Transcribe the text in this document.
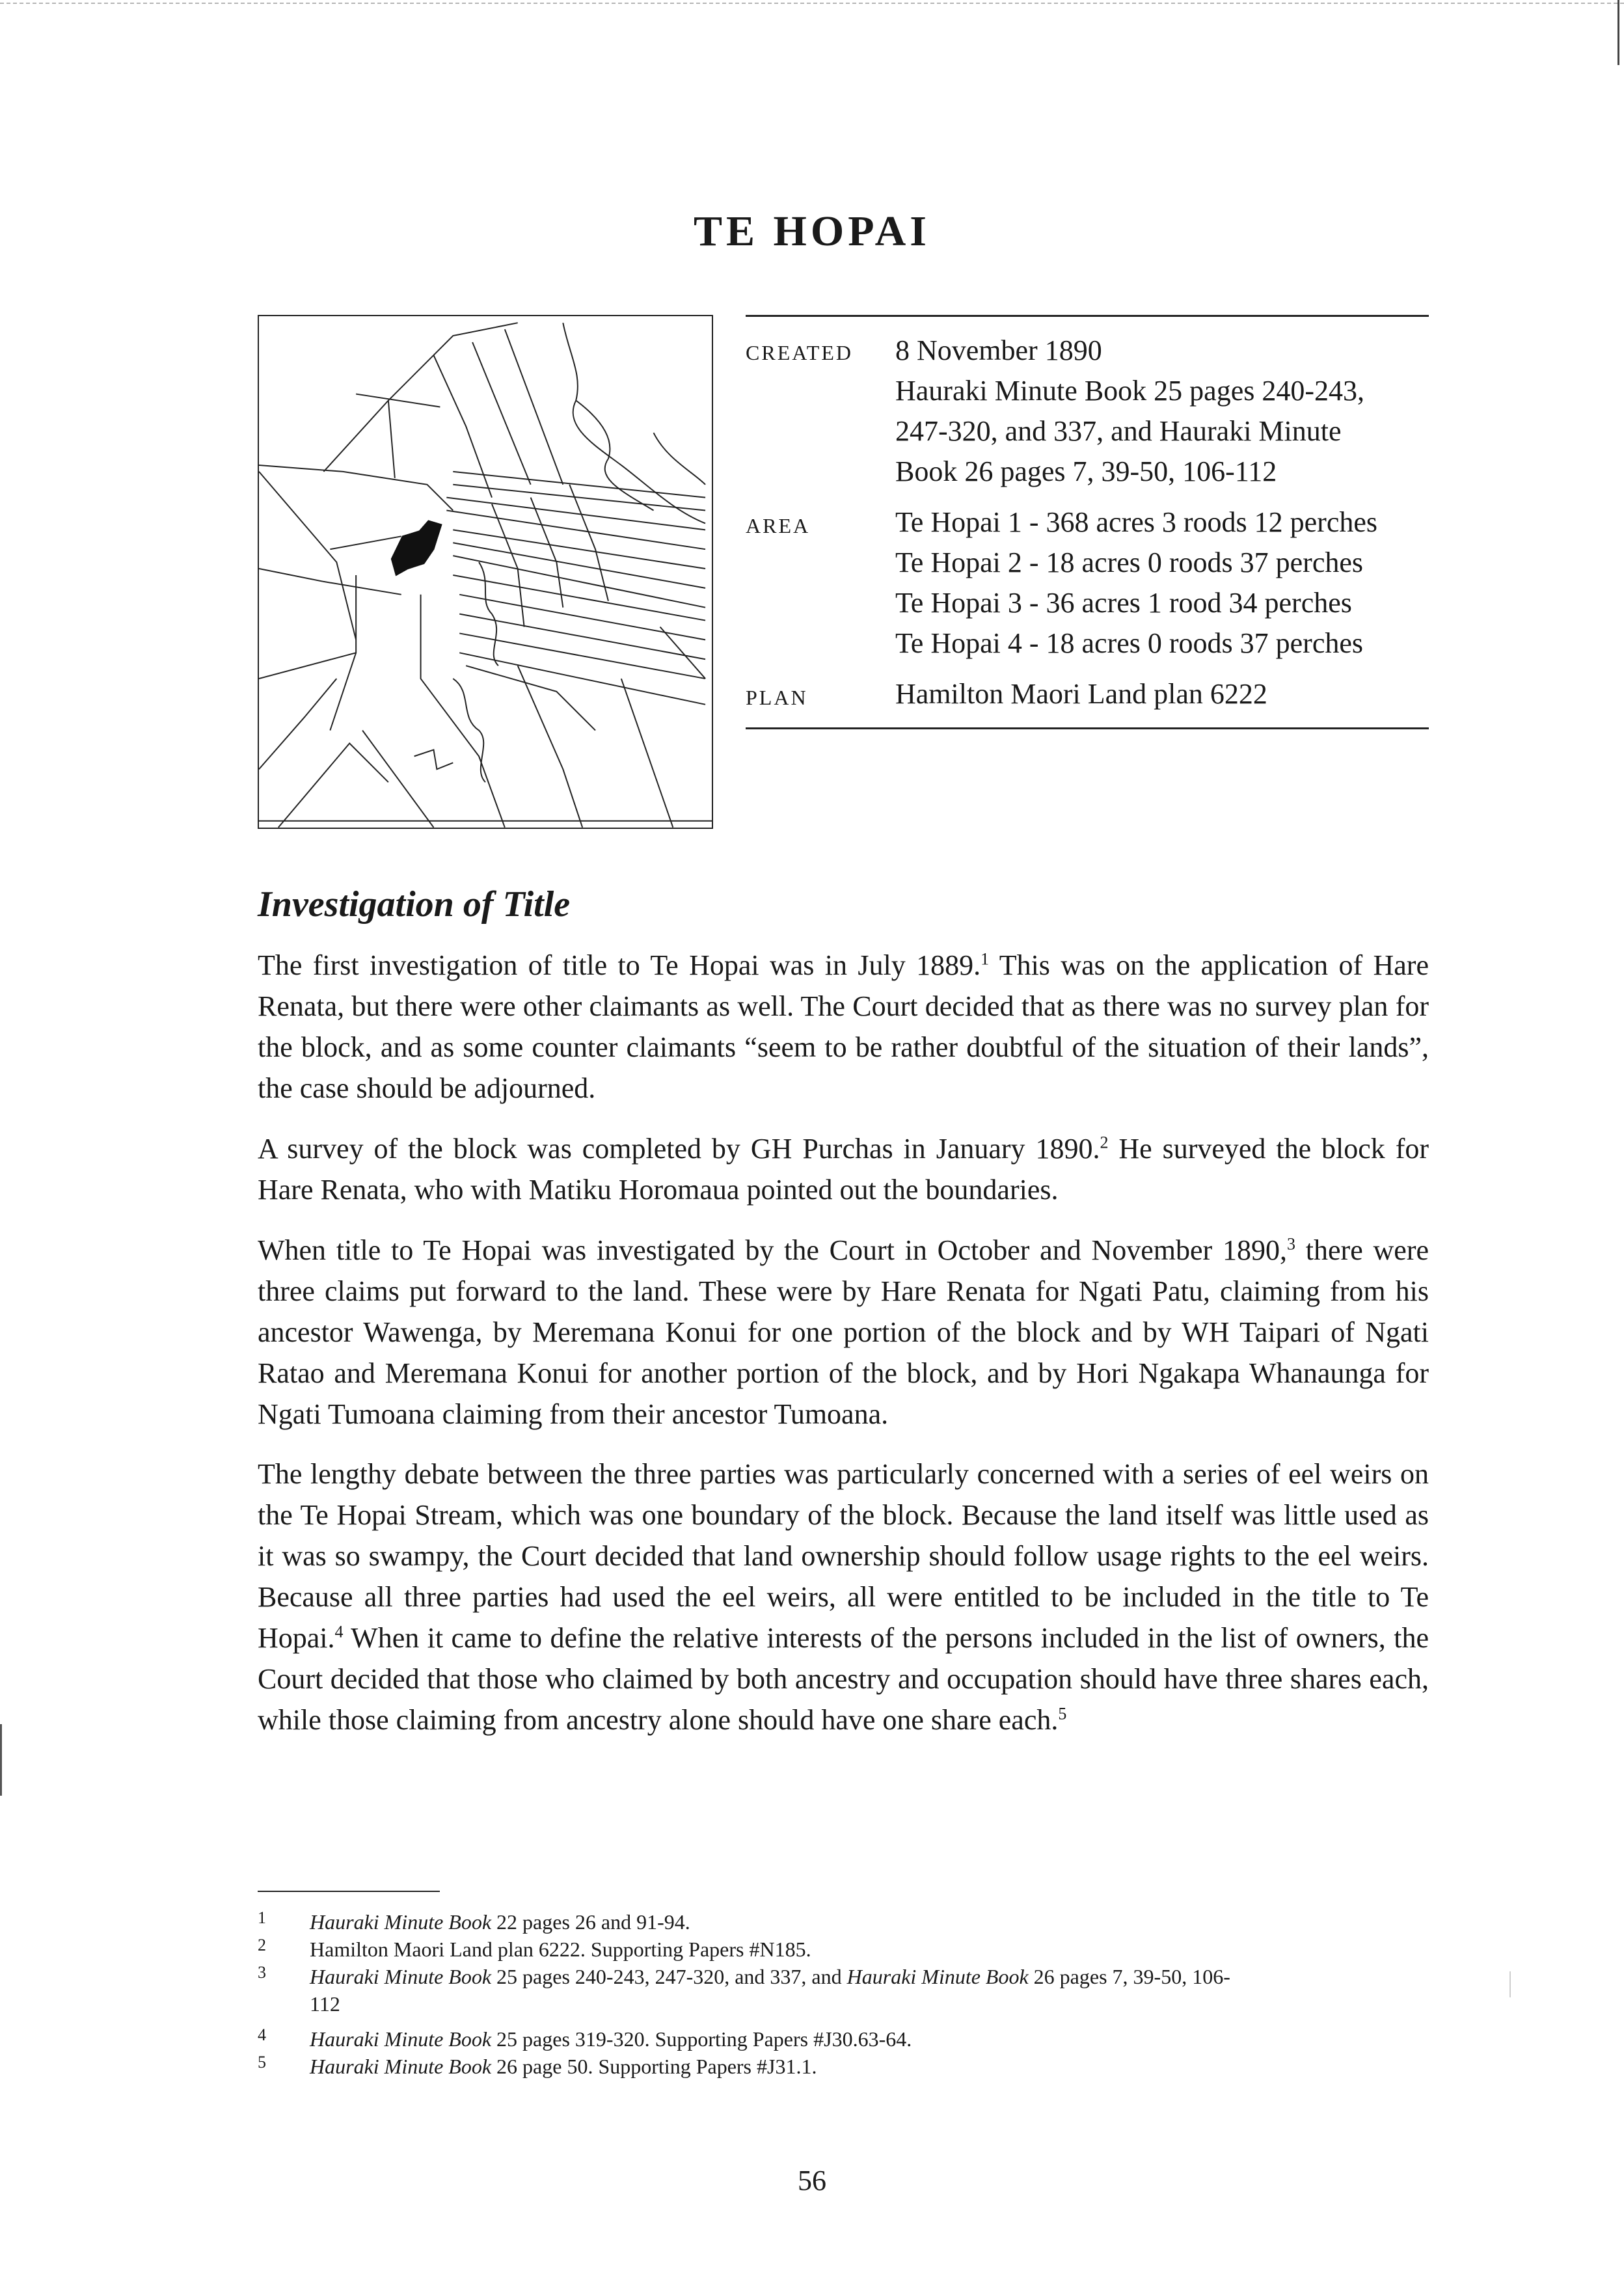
TE HOPAI
CREATED 8 November 1890
Hauraki Minute Book 25 pages 240-243,
247-320, and 337, and Hauraki Minute
Book 26 pages 7, 39-50, 106-112
AREA	Te Hopai 1 - 368 acres 3 roods 12 perches
Te Hopai 2 - 18 acres 0 roods 37 perches
Te Hopai 3 - 36 acres 1 rood 34 perches
Te Hopai 4 - 18 acres 0 roods 37 perches
PLAN	Hamilton Maori Land plan 6222
Investigation of Title

The first investigation of title to Te Hopai was in July 1889.$^1$ This was on the application of Hare Renata, but there were other claimants as well. The Court decided that as there was no survey plan for the block, and as some counter claimants “seem to be rather doubtful of the situation of their lands”, the case should be adjourned.

A survey of the block was completed by GH Purchas in January 1890.$^2$ He surveyed the block for Hare Renata, who with Matiku Horomaua pointed out the boundaries.

When title to Te Hopai was investigated by the Court in October and November 1890,$^3$ there were three claims put forward to the land. These were by Hare Renata for Ngati Patu, claiming from his ancestor Wawenga, by Meremana Konui for one portion of the block and by WH Taipari of Ngati Ratao and Meremana Konui for another portion of the block, and by Hori Ngakapa Whanaunga for Ngati Tumoana claiming from their ancestor Tumoana.

The lengthy debate between the three parties was particularly concerned with a series of eel weirs on the Te Hopai Stream, which was one boundary of the block. Because the land itself was little used as it was so swampy, the Court decided that land ownership should follow usage rights to the eel weirs. Because all three parties had used the eel weirs, all were entitled to be included in the title to Te Hopai.$^4$ When it came to define the relative interests of the persons included in the list of owners, the Court decided that those who claimed by both ancestry and occupation should have three shares each, while those claiming from ancestry alone should have one share each.$^5$

1 Hauraki Minute Book 22 pages 26 and 91-94.
2 Hamilton Maori Land plan 6222. Supporting Papers #N185.
3 Hauraki Minute Book 25 pages 240-243, 247-320, and 337, and Hauraki Minute Book 26 pages 7, 39-50, 106-
112
4 Hauraki Minute Book 25 pages 319-320. Supporting Papers #J30.63-64.
5 Hauraki Minute Book 26 page 50. Supporting Papers #J31.1.
56
